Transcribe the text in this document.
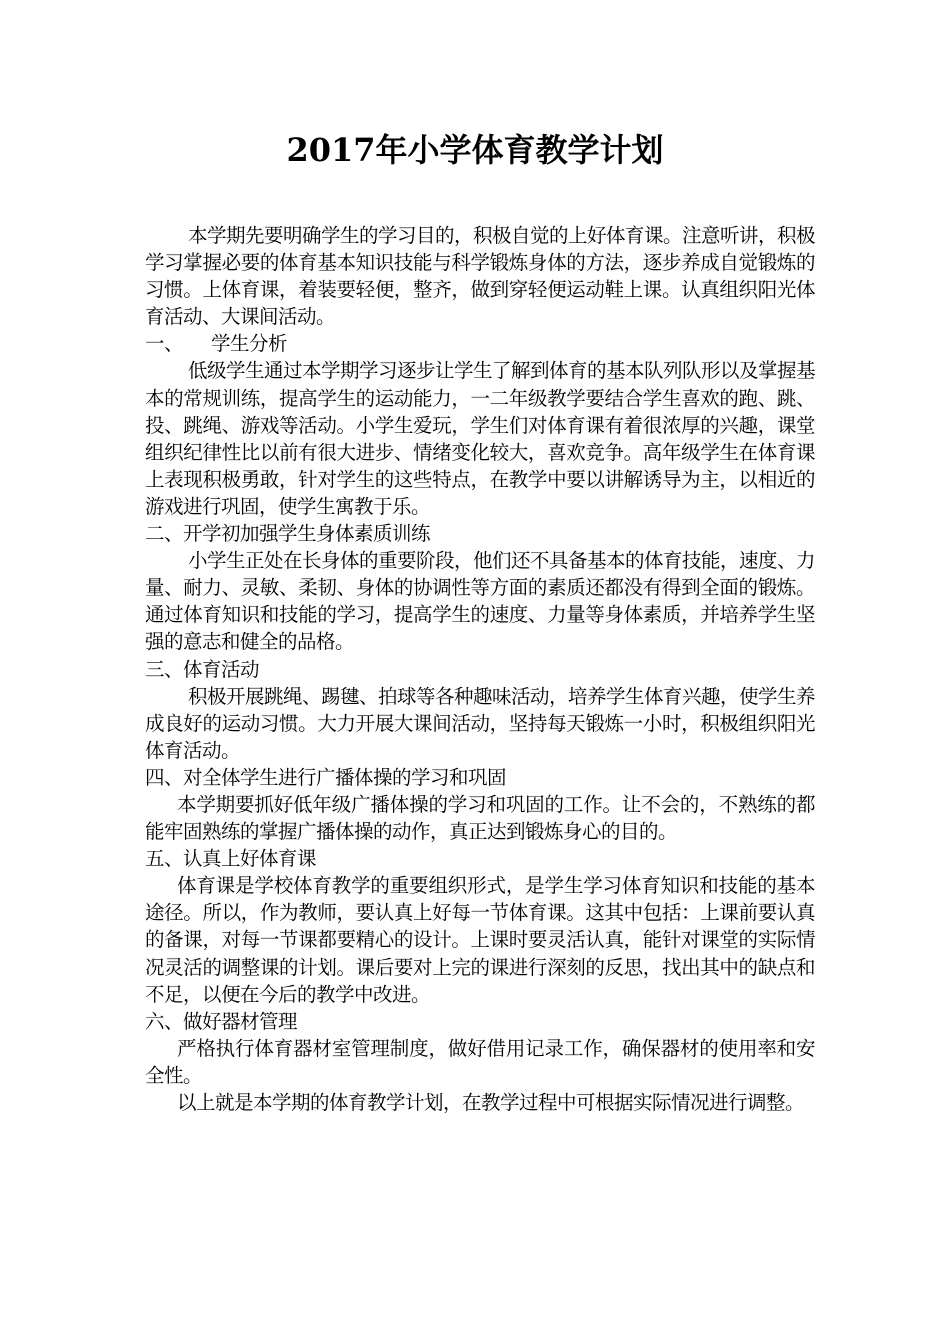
2017年小学体育教学计划

本学期先要明确学生的学习目的，积极自觉的上好体育课。注意听讲，积极学习掌握必要的体育基本知识技能与科学锻炼身体的方法，逐步养成自觉锻炼的习惯。上体育课，着装要轻便，整齐，做到穿轻便运动鞋上课。认真组织阳光体育活动、大课间活动。

一、 学生分析

低级学生通过本学期学习逐步让学生了解到体育的基本队列队形以及掌握基本的常规训练，提高学生的运动能力，一二年级教学要结合学生喜欢的跑、跳、投、跳绳、游戏等活动。小学生爱玩，学生们对体育课有着很浓厚的兴趣，课堂组织纪律性比以前有很大进步、情绪变化较大，喜欢竞争。高年级学生在体育课上表现积极勇敢，针对学生的这些特点，在教学中要以讲解诱导为主，以相近的游戏进行巩固，使学生寓教于乐。

二、开学初加强学生身体素质训练

小学生正处在长身体的重要阶段，他们还不具备基本的体育技能，速度、力量、耐力、灵敏、柔韧、身体的协调性等方面的素质还都没有得到全面的锻炼。通过体育知识和技能的学习，提高学生的速度、力量等身体素质，并培养学生坚强的意志和健全的品格。

三、体育活动

积极开展跳绳、踢毽、拍球等各种趣味活动，培养学生体育兴趣，使学生养成良好的运动习惯。大力开展大课间活动，坚持每天锻炼一小时，积极组织阳光体育活动。

四、对全体学生进行广播体操的学习和巩固

本学期要抓好低年级广播体操的学习和巩固的工作。让不会的，不熟练的都能牢固熟练的掌握广播体操的动作，真正达到锻炼身心的目的。

五、认真上好体育课

体育课是学校体育教学的重要组织形式，是学生学习体育知识和技能的基本途径。所以，作为教师，要认真上好每一节体育课。这其中包括：上课前要认真的备课，对每一节课都要精心的设计。上课时要灵活认真，能针对课堂的实际情况灵活的调整课的计划。课后要对上完的课进行深刻的反思，找出其中的缺点和不足，以便在今后的教学中改进。

六、做好器材管理

严格执行体育器材室管理制度，做好借用记录工作，确保器材的使用率和安全性。

以上就是本学期的体育教学计划，在教学过程中可根据实际情况进行调整。
